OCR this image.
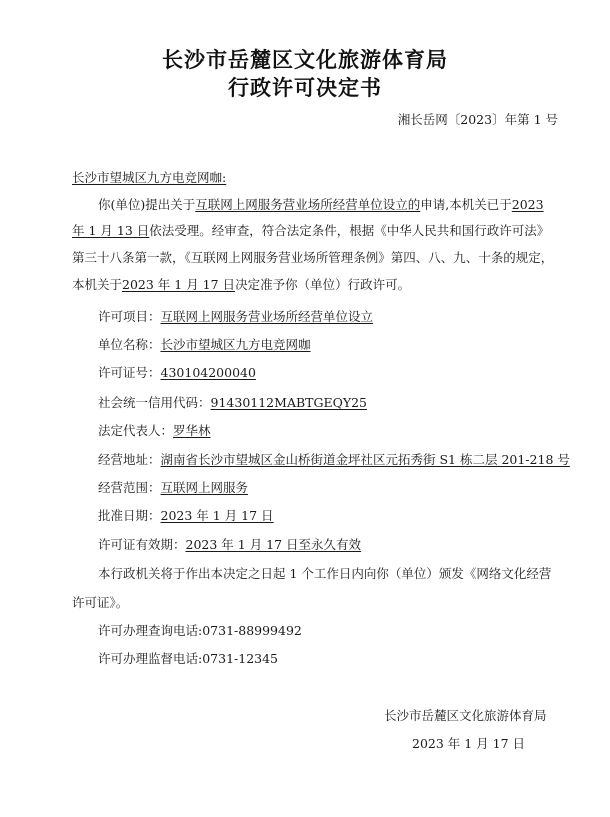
长沙市岳麓区文化旅游体育局
行政许可决定书
湘长岳网〔2023〕年第 1 号
长沙市望城区九方电竞网咖:
你(单位)提出关于互联网上网服务营业场所经营单位设立的申请,本机关已于2023
年 1 月 13 日依法受理。经审查，符合法定条件，根据《中华人民共和国行政许可法》
第三十八条第一款，《互联网上网服务营业场所管理条例》第四、八、九、十条的规定，
本机关于2023 年 1 月 17 日决定准予你（单位）行政许可。
许可项目：互联网上网服务营业场所经营单位设立
单位名称：长沙市望城区九方电竞网咖
许可证号：430104200040
社会统一信用代码：91430112MABTGEQY25
法定代表人：罗华林
经营地址：湖南省长沙市望城区金山桥街道金坪社区元拓秀街 S1 栋二层 201-218 号
经营范围：互联网上网服务
批准日期：2023 年 1 月 17 日
许可证有效期：2023 年 1 月 17 日至永久有效
本行政机关将于作出本决定之日起 1 个工作日内向你（单位）颁发《网络文化经营
许可证》。
许可办理查询电话:0731-88999492
许可办理监督电话:0731-12345
长沙市岳麓区文化旅游体育局
2023 年 1 月 17 日
